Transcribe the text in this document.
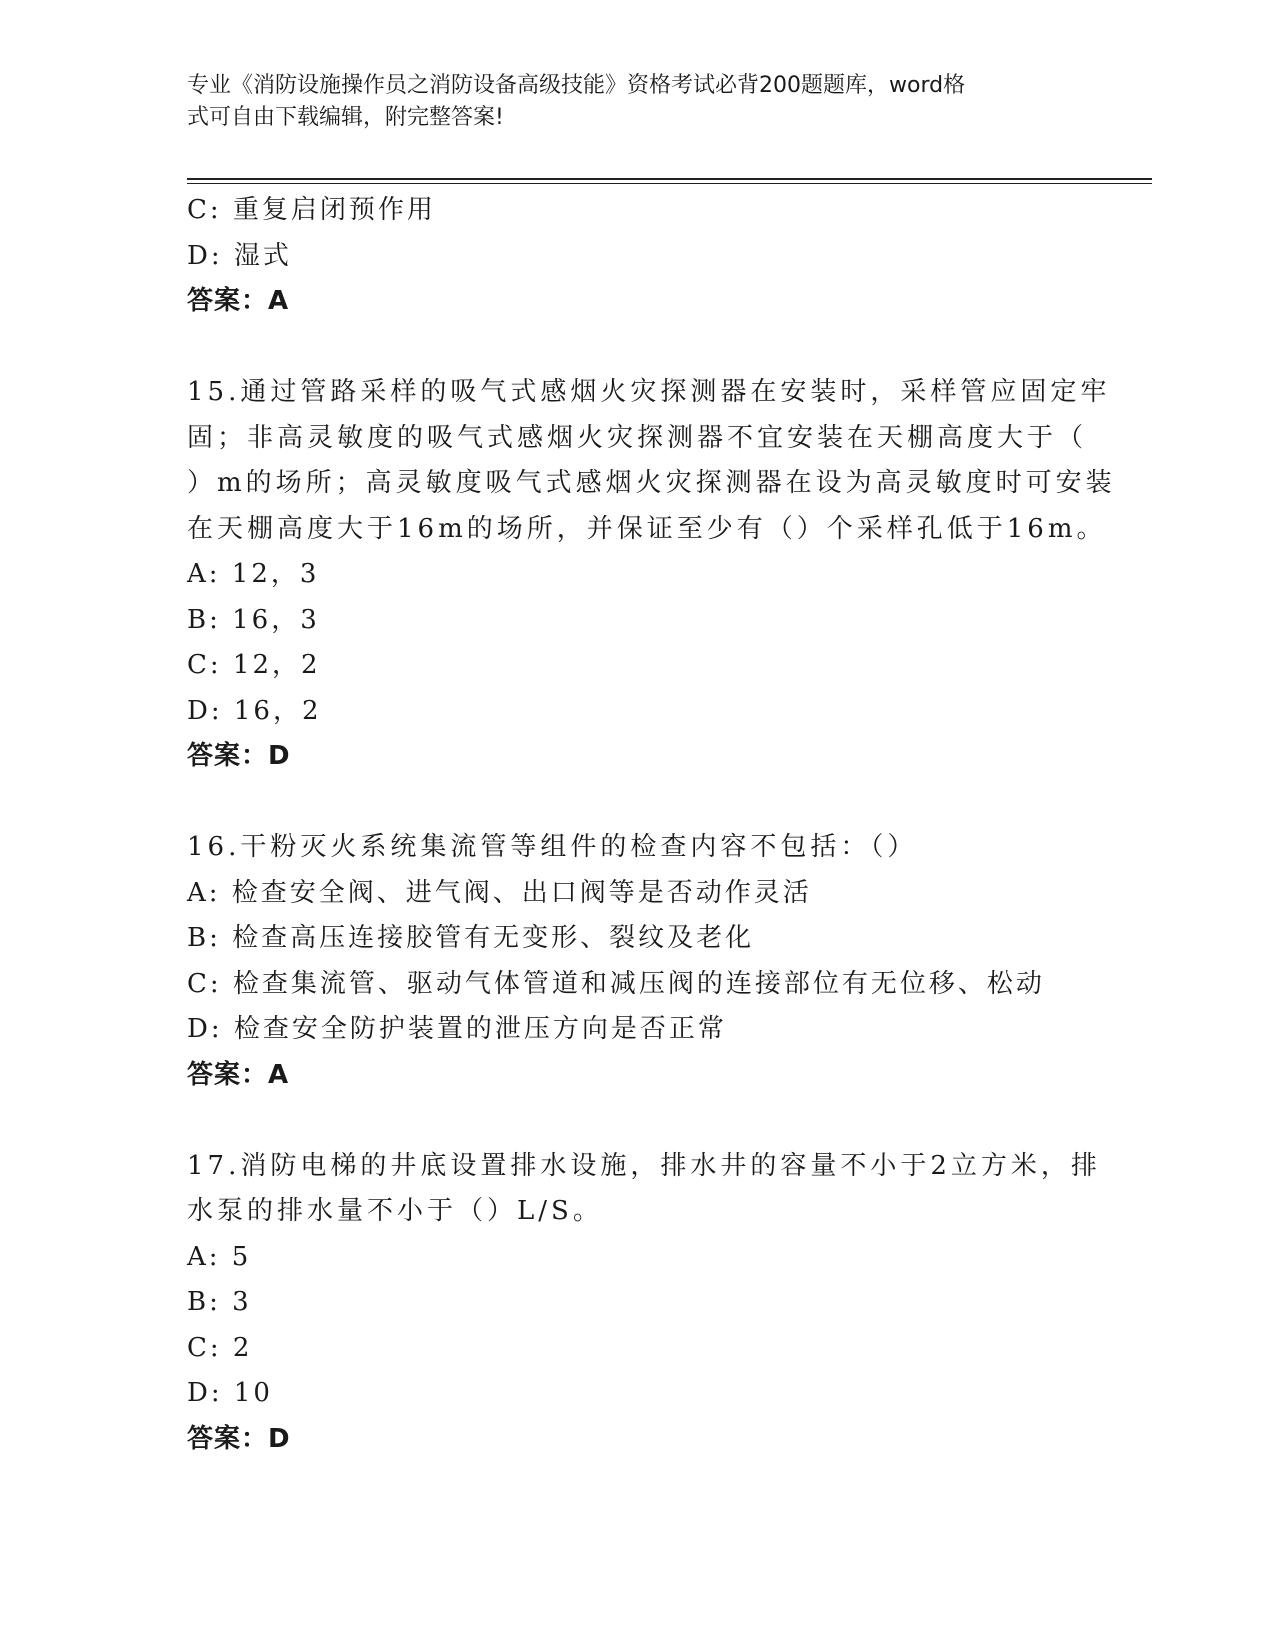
专业《消防设施操作员之消防设备高级技能》资格考试必背200题题库，word格
式可自由下载编辑，附完整答案!
C: 重复启闭预作用
D: 湿式
答案：A
15.通过管路采样的吸气式感烟火灾探测器在安装时，采样管应固定牢
固；非高灵敏度的吸气式感烟火灾探测器不宜安装在天棚高度大于（
）m的场所；高灵敏度吸气式感烟火灾探测器在设为高灵敏度时可安装
在天棚高度大于16m的场所，并保证至少有（）个采样孔低于16m。
A: 12，3
B: 16，3
C: 12，2
D: 16，2
答案：D
16.干粉灭火系统集流管等组件的检查内容不包括：（）
A: 检查安全阀、进气阀、出口阀等是否动作灵活
B: 检查高压连接胶管有无变形、裂纹及老化
C: 检查集流管、驱动气体管道和减压阀的连接部位有无位移、松动
D: 检查安全防护装置的泄压方向是否正常
答案：A
17.消防电梯的井底设置排水设施，排水井的容量不小于2立方米，排
水泵的排水量不小于（）L/S。
A: 5
B: 3
C: 2
D: 10
答案：D
